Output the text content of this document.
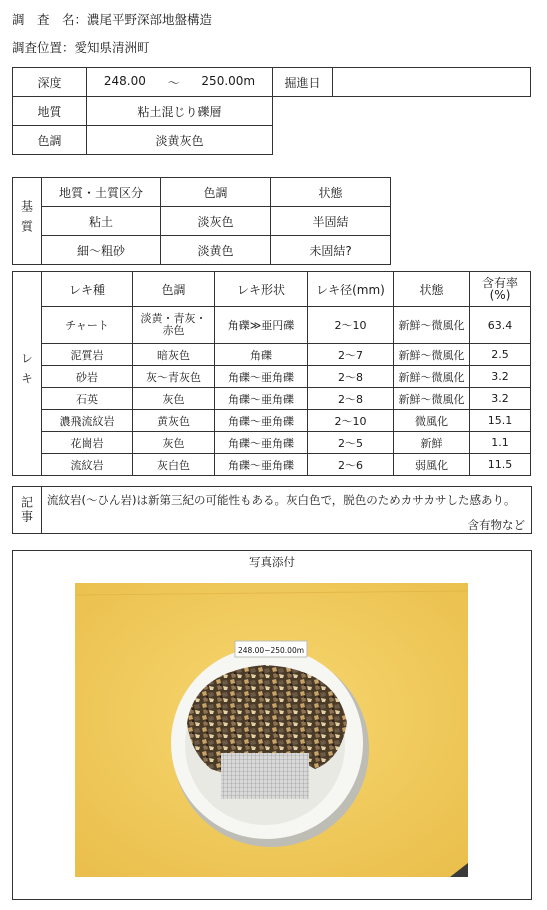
調　査　名：濃尾平野深部地盤構造
調査位置：愛知県清洲町
深度	248.00 〜 250.00m	掘進日	
地質	粘土混じり礫層		
色調	淡黄灰色		
基質	地質・土質区分	色調	状態
	粘土	淡灰色	半固結
	細〜粗砂	淡黄色	未固結?
レキ	レキ種	色調	レキ形状	レキ径(mm)	状態	含有率
(%)
	チャート	淡黄・青灰・
赤色	角礫≫亜円礫	2〜10	新鮮〜微風化	63.4
	泥質岩	暗灰色	角礫	2〜7	新鮮〜微風化	2.5
	砂岩	灰〜青灰色	角礫〜亜角礫	2〜8	新鮮〜微風化	3.2
	石英	灰色	角礫〜亜角礫	2〜8	新鮮〜微風化	3.2
	濃飛流紋岩	黄灰色	角礫〜亜角礫	2〜10	微風化	15.1
	花崗岩	灰色	角礫〜亜角礫	2〜5	新鮮	1.1
	流紋岩	灰白色	角礫〜亜角礫	2〜6	弱風化	11.5
記事 流紋岩(〜ひん岩)は新第三紀の可能性もある。灰白色で，脱色のためカサカサした感あり。
含有物など
写真添付
248.00−250.00m
